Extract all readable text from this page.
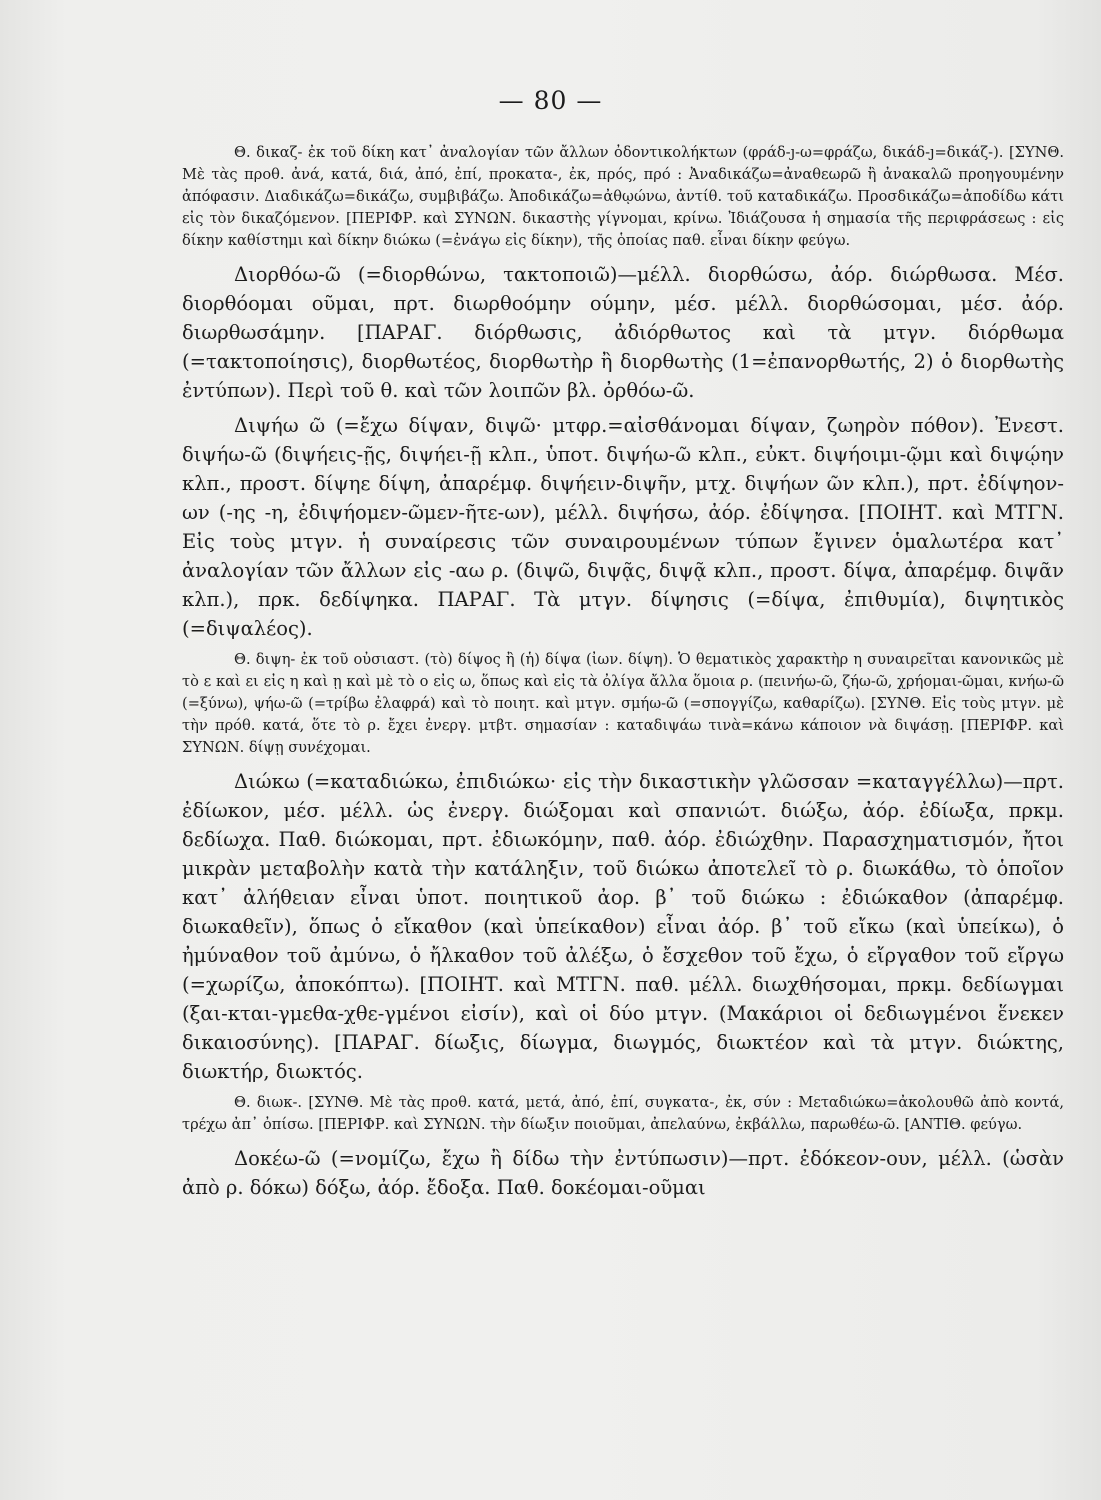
— 80 —

Θ. δικαζ- ἐκ τοῦ δίκη κατ᾽ ἀναλογίαν τῶν ἄλλων ὀδοντικολήκτων (φράδ-ȷ-ω=φράζω, δικάδ-ȷ=δικάζ-). [ΣΥΝΘ. Μὲ τὰς προθ. ἀνά, κατά, διά, ἀπό, ἐπί, προκατα-, ἐκ, πρός, πρό : Ἀναδικάζω=ἀναθεωρῶ ἢ ἀνακαλῶ προηγουμένην ἀπόφασιν. Διαδικάζω=δικάζω, συμβιβάζω. Ἀποδικάζω=ἀθῳώνω, ἀντίθ. τοῦ καταδικάζω. Προσδικάζω=ἀποδίδω κάτι εἰς τὸν δικαζόμενον. [ΠΕΡΙΦΡ. καὶ ΣΥΝΩΝ. δικαστὴς γίγνομαι, κρίνω. Ἰδιάζουσα ἡ σημασία τῆς περιφράσεως : εἰς δίκην καθίστημι καὶ δίκην διώκω (=ἐνάγω εἰς δίκην), τῆς ὁποίας παθ. εἶναι δίκην φεύγω.

Διορθόω-ῶ (=διορθώνω, τακτοποιῶ)—μέλλ. διορθώσω, ἀόρ. διώρθωσα. Μέσ. διορθόομαι οῦμαι, πρτ. διωρθοόμην ούμην, μέσ. μέλλ. διορθώσομαι, μέσ. ἀόρ. διωρθωσάμην. [ΠΑΡΑΓ. διόρθωσις, ἀδιόρθωτος καὶ τὰ μτγν. διόρθωμα (=τακτοποίησις), διορθωτέος, διορθωτὴρ ἢ διορθωτὴς (1=ἐπανορθωτής, 2) ὁ διορθωτὴς ἐντύπων). Περὶ τοῦ θ. καὶ τῶν λοιπῶν βλ. ὀρθόω-ῶ.

Διψήω ῶ (=ἔχω δίψαν, διψῶ· μτφρ.=αἰσθάνομαι δίψαν, ζωηρὸν πόθον). Ἐνεστ. διψήω-ῶ (διψήεις-ῇς, διψήει-ῇ κλπ., ὑποτ. διψήω-ῶ κλπ., εὐκτ. διψήοιμι-ῷμι καὶ διψῴην κλπ., προστ. δίψηε δίψη, ἀπαρέμφ. διψήειν-διψῆν, μτχ. διψήων ῶν κλπ.), πρτ. ἐδίψηον-ων (-ης -η, ἐδιψήομεν-ῶμεν-ῆτε-ων), μέλλ. διψήσω, ἀόρ. ἐδίψησα. [ΠΟΙΗΤ. καὶ ΜΤΓΝ. Εἰς τοὺς μτγν. ἡ συναίρεσις τῶν συναιρουμένων τύπων ἔγινεν ὁμαλωτέρα κατ᾽ ἀναλογίαν τῶν ἄλλων εἰς -αω ρ. (διψῶ, διψᾷς, διψᾷ κλπ., προστ. δίψα, ἀπαρέμφ. διψᾶν κλπ.), πρκ. δεδίψηκα. ΠΑΡΑΓ. Τὰ μτγν. δίψησις (=δίψα, ἐπιθυμία), διψητικὸς (=διψαλέος).

Θ. διψη- ἐκ τοῦ οὐσιαστ. (τὸ) δίψος ἢ (ἡ) δίψα (ἰων. δίψη). Ὁ θεματικὸς χαρακτὴρ η συναιρεῖται κανονικῶς μὲ τὸ ε καὶ ει εἰς η καὶ ῃ καὶ μὲ τὸ ο εἰς ω, ὅπως καὶ εἰς τὰ ὀλίγα ἄλλα ὅμοια ρ. (πεινήω-ῶ, ζήω-ῶ, χρήομαι-ῶμαι, κνήω-ῶ (=ξύνω), ψήω-ῶ (=τρίβω ἐλαφρά) καὶ τὸ ποιητ. καὶ μτγν. σμήω-ῶ (=σπογγίζω, καθαρίζω). [ΣΥΝΘ. Εἰς τοὺς μτγν. μὲ τὴν πρόθ. κατά, ὅτε τὸ ρ. ἔχει ἐνεργ. μτβτ. σημασίαν : καταδιψάω τινὰ=κάνω κάποιον νὰ διψάσῃ. [ΠΕΡΙΦΡ. καὶ ΣΥΝΩΝ. δίψῃ συνέχομαι.

Διώκω (=καταδιώκω, ἐπιδιώκω· εἰς τὴν δικαστικὴν γλῶσσαν =καταγγέλλω)—πρτ. ἐδίωκον, μέσ. μέλλ. ὡς ἐνεργ. διώξομαι καὶ σπανιώτ. διώξω, ἀόρ. ἐδίωξα, πρκμ. δεδίωχα. Παθ. διώκομαι, πρτ. ἐδιωκόμην, παθ. ἀόρ. ἐδιώχθην. Παρασχηματισμόν, ἤτοι μικρὰν μεταβολὴν κατὰ τὴν κατάληξιν, τοῦ διώκω ἀποτελεῖ τὸ ρ. διωκάθω, τὸ ὁποῖον κατ᾽ ἀλήθειαν εἶναι ὑποτ. ποιητικοῦ ἀορ. β᾽ τοῦ διώκω : ἐδιώκαθον (ἀπαρέμφ. διωκαθεῖν), ὅπως ὁ εἴκαθον (καὶ ὑπείκαθον) εἶναι ἀόρ. β᾽ τοῦ εἴκω (καὶ ὑπείκω), ὁ ἠμύναθον τοῦ ἀμύνω, ὁ ἤλκαθον τοῦ ἀλέξω, ὁ ἔσχεθον τοῦ ἔχω, ὁ εἴργαθον τοῦ εἴργω (=χωρίζω, ἀποκόπτω). [ΠΟΙΗΤ. καὶ ΜΤΓΝ. παθ. μέλλ. διωχθήσομαι, πρκμ. δεδίωγμαι (ξαι-κται-γμεθα-χθε-γμένοι εἰσίν), καὶ οἱ δύο μτγν. (Μακάριοι οἱ δεδιωγμένοι ἕνεκεν δικαιοσύνης). [ΠΑΡΑΓ. δίωξις, δίωγμα, διωγμός, διωκτέον καὶ τὰ μτγν. διώκτης, διωκτήρ, διωκτός.

Θ. διωκ-. [ΣΥΝΘ. Μὲ τὰς προθ. κατά, μετά, ἀπό, ἐπί, συγκατα-, ἐκ, σύν : Μεταδιώκω=ἀκολουθῶ ἀπὸ κοντά, τρέχω ἀπ᾽ ὀπίσω. [ΠΕΡΙΦΡ. καὶ ΣΥΝΩΝ. τὴν δίωξιν ποιοῦμαι, ἀπελαύνω, ἐκβάλλω, παρωθέω-ῶ. [ΑΝΤΙΘ. φεύγω.

Δοκέω-ῶ (=νομίζω, ἔχω ἢ δίδω τὴν ἐντύπωσιν)—πρτ. ἐδόκεον-ουν, μέλλ. (ὡσὰν ἀπὸ ρ. δόκω) δόξω, ἀόρ. ἔδοξα. Παθ. δοκέομαι-οῦμαι
